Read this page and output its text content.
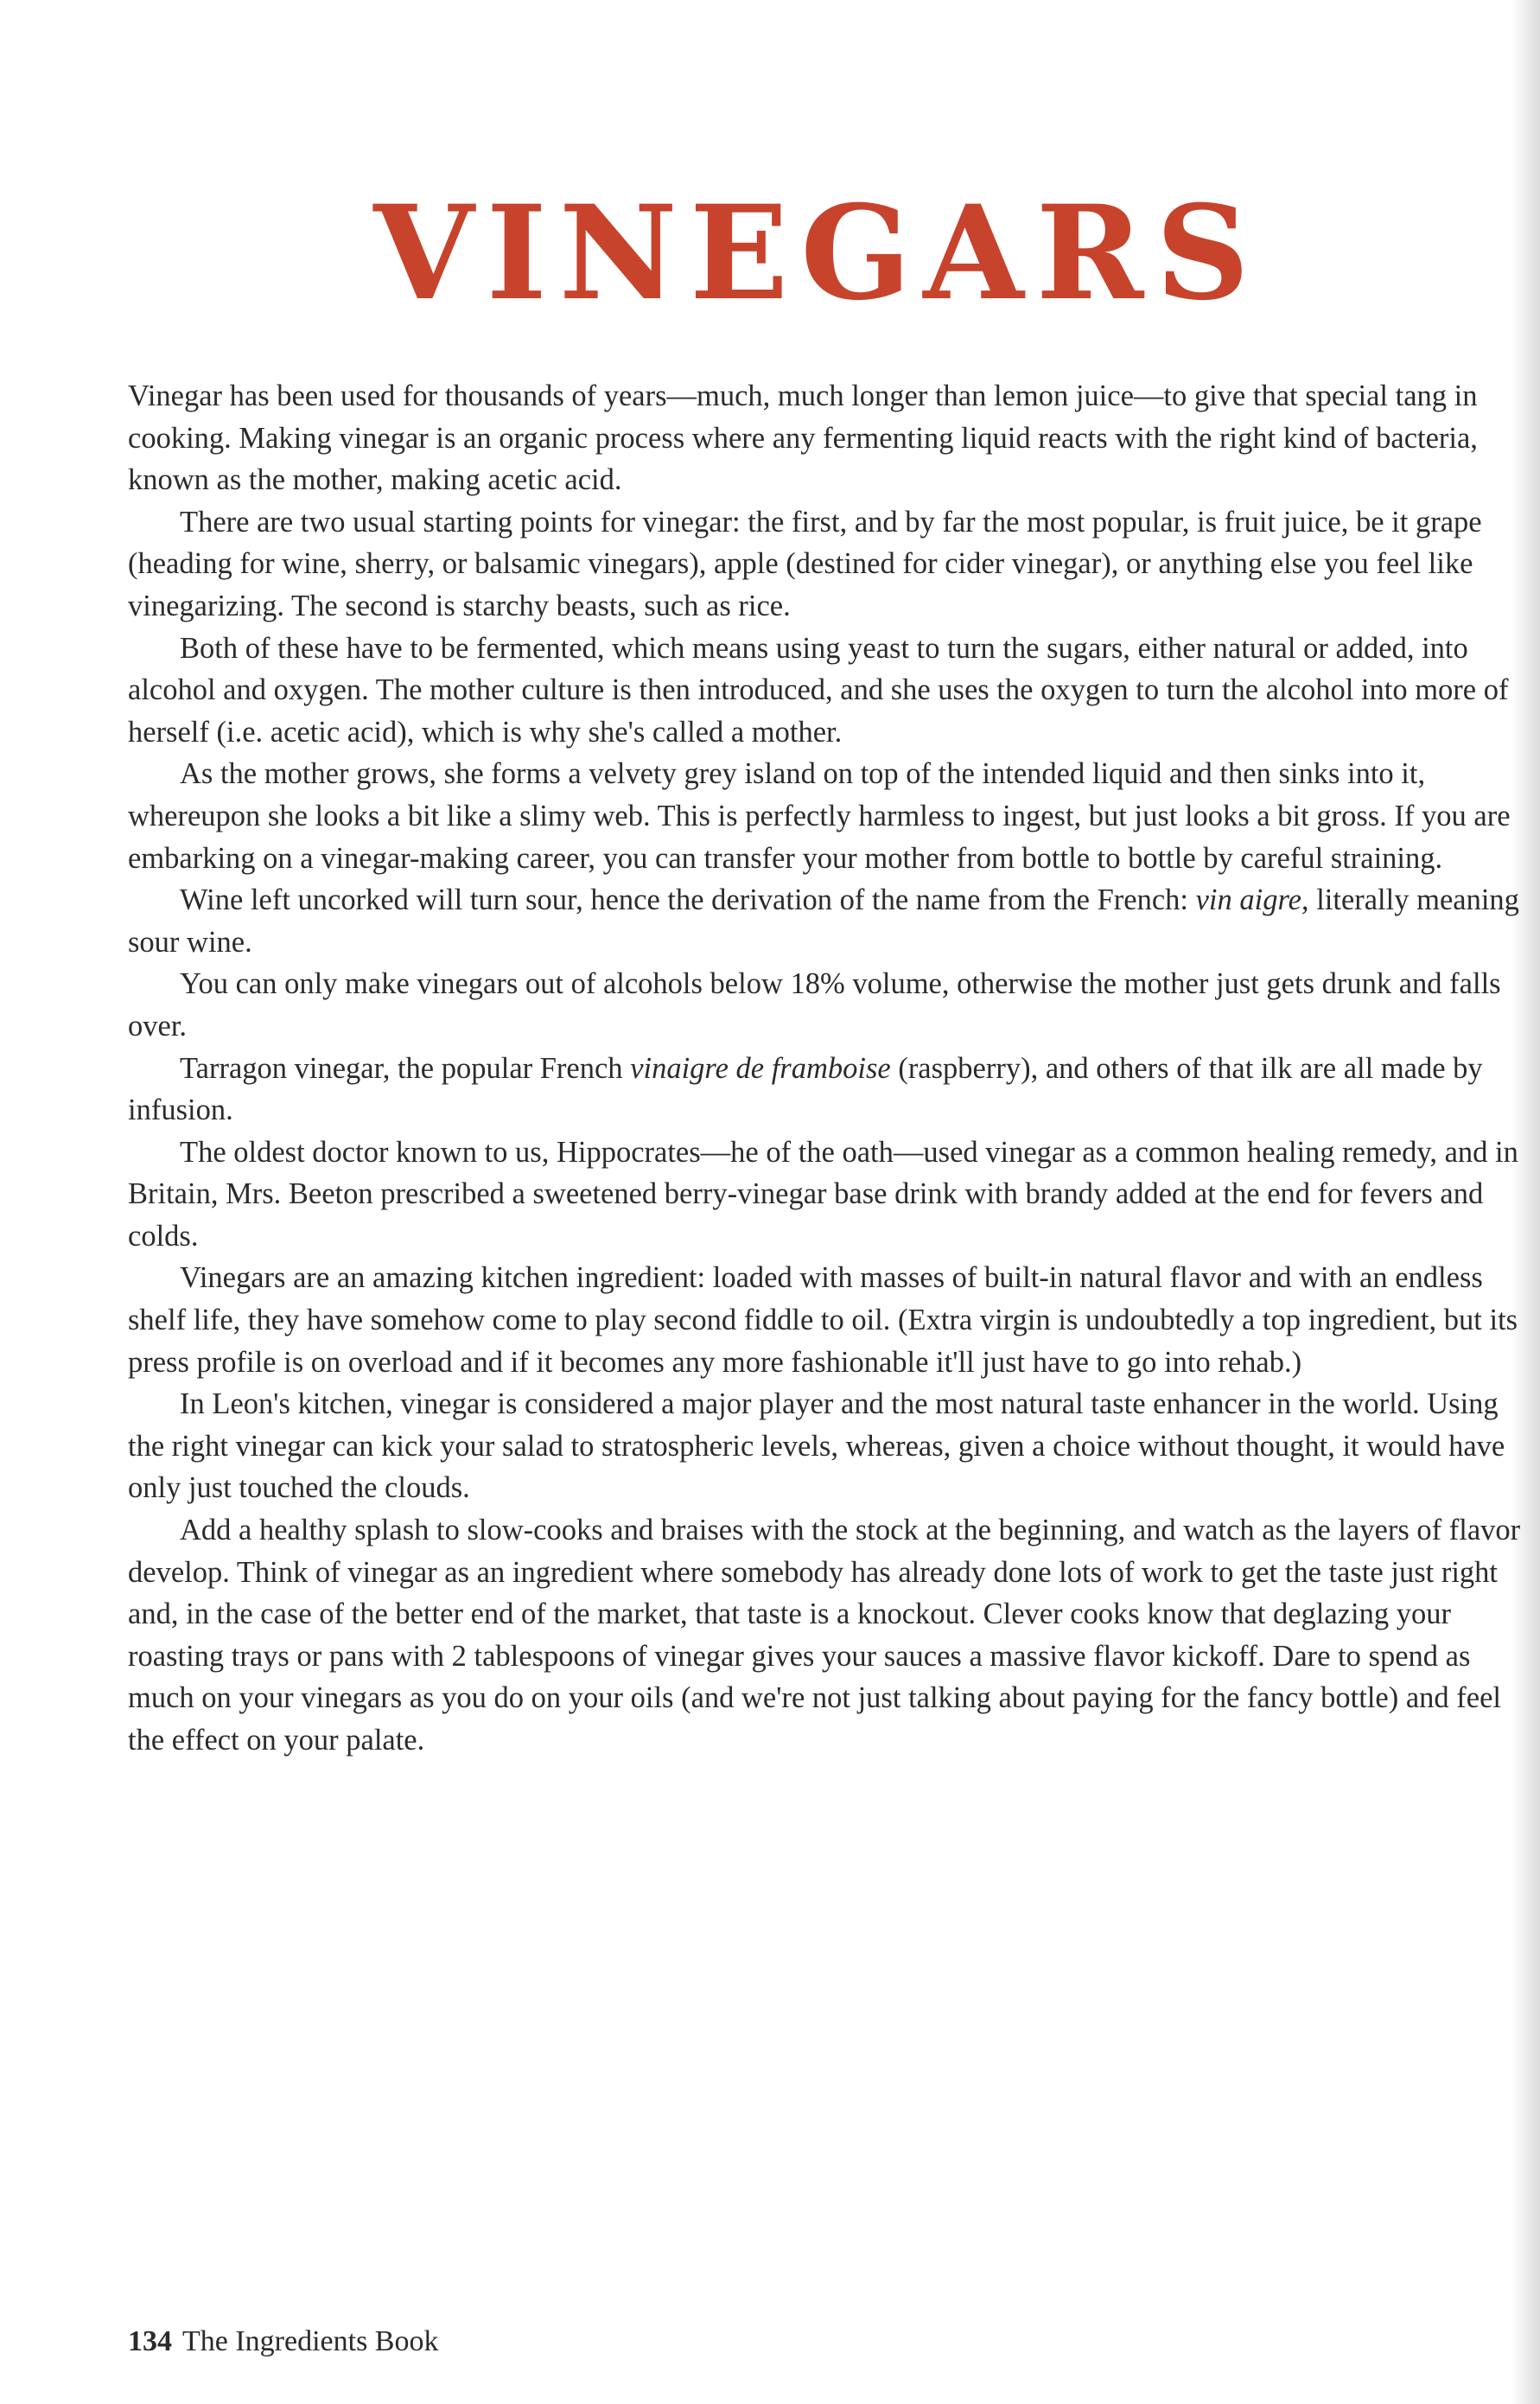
VINEGARS

Vinegar has been used for thousands of years—much, much longer than lemon juice—to give that special tang in cooking. Making vinegar is an organic process where any fermenting liquid reacts with the right kind of bacteria, known as the mother, making acetic acid.

There are two usual starting points for vinegar: the first, and by far the most popular, is fruit juice, be it grape (heading for wine, sherry, or balsamic vinegars), apple (destined for cider vinegar), or anything else you feel like vinegarizing. The second is starchy beasts, such as rice.

Both of these have to be fermented, which means using yeast to turn the sugars, either natural or added, into alcohol and oxygen. The mother culture is then introduced, and she uses the oxygen to turn the alcohol into more of herself (i.e. acetic acid), which is why she's called a mother.

As the mother grows, she forms a velvety grey island on top of the intended liquid and then sinks into it, whereupon she looks a bit like a slimy web. This is perfectly harmless to ingest, but just looks a bit gross. If you are embarking on a vinegar-making career, you can transfer your mother from bottle to bottle by careful straining.

Wine left uncorked will turn sour, hence the derivation of the name from the French: vin aigre, literally meaning sour wine.

You can only make vinegars out of alcohols below 18% volume, otherwise the mother just gets drunk and falls over.

Tarragon vinegar, the popular French vinaigre de framboise (raspberry), and others of that ilk are all made by infusion.

The oldest doctor known to us, Hippocrates—he of the oath—used vinegar as a common healing remedy, and in Britain, Mrs. Beeton prescribed a sweetened berry-vinegar base drink with brandy added at the end for fevers and colds.

Vinegars are an amazing kitchen ingredient: loaded with masses of built-in natural flavor and with an endless shelf life, they have somehow come to play second fiddle to oil. (Extra virgin is undoubtedly a top ingredient, but its press profile is on overload and if it becomes any more fashionable it'll just have to go into rehab.)

In Leon's kitchen, vinegar is considered a major player and the most natural taste enhancer in the world. Using the right vinegar can kick your salad to stratospheric levels, whereas, given a choice without thought, it would have only just touched the clouds.

Add a healthy splash to slow-cooks and braises with the stock at the beginning, and watch as the layers of flavor develop. Think of vinegar as an ingredient where somebody has already done lots of work to get the taste just right and, in the case of the better end of the market, that taste is a knockout. Clever cooks know that deglazing your roasting trays or pans with 2 tablespoons of vinegar gives your sauces a massive flavor kickoff. Dare to spend as much on your vinegars as you do on your oils (and we're not just talking about paying for the fancy bottle) and feel the effect on your palate.

134 The Ingredients Book
